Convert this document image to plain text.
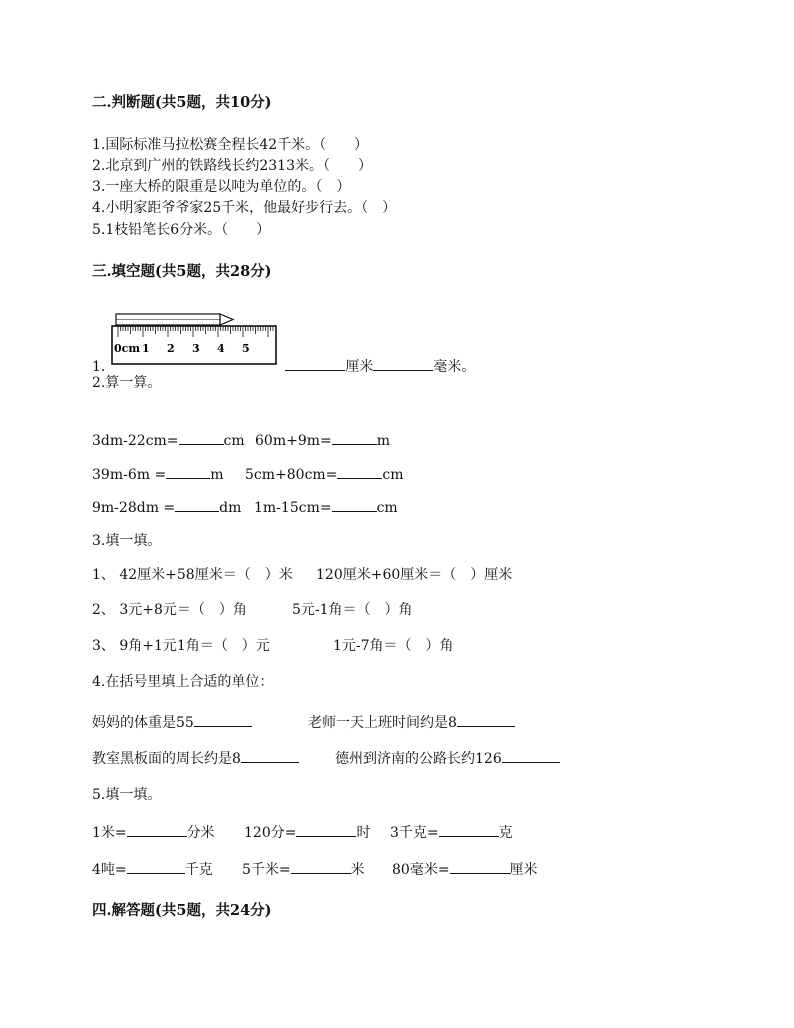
二.判断题(共5题，共10分)
1.国际标准马拉松赛全程长42千米。（　　）
2.北京到广州的铁路线长约2313米。（　　）
3.一座大桥的限重是以吨为单位的。（　）
4.小明家距爷爷家25千米，他最好步行去。（　）
5.1枝铅笔长6分米。（　　）
三.填空题(共5题，共28分)
0cm 1 2 3 4 5
1.	厘米	毫米。
2.算一算。
3dm-22cm=	cm 60m+9m=	m
39m-6m =	m 5cm+80cm=	cm
9m-28dm =	dm 1m-15cm=	cm
3.填一填。
1、 42厘米+58厘米＝（　）米 120厘米+60厘米＝（　）厘米
2、 3元+8元＝（　）角	5元-1角＝（　）角
3、 9角+1元1角＝（　）元	1元-7角＝（　）角
4.在括号里填上合适的单位：
妈妈的体重是55	老师一天上班时间约是8
教室黑板面的周长约是8	德州到济南的公路长约126
5.填一填。
1米=	分米 120分=	时 3千克=	克
4吨=	千克 5千米=	米 80毫米=	厘米
四.解答题(共5题，共24分)
